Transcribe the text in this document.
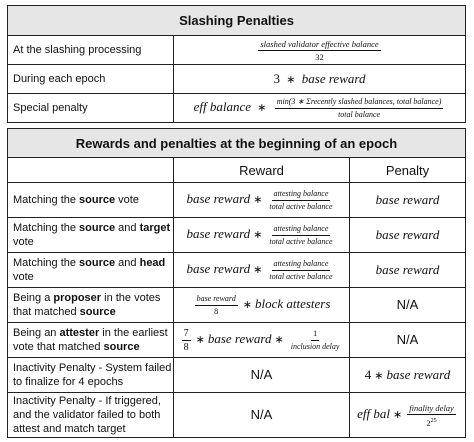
Slashing Penalties	
At the slashing processing	$\frac{\text{slashed validator effective balance}}{32}$

During each epoch	3 ∗ base reward
Special penalty	eff balance ∗ $\frac{\text{min(3 ∗ Σrecently slashed balances, total balance)}}{\text{total balance}}$
Rewards and penalties at the beginning of an epoch		
	Reward	Penalty
Matching the source vote	base reward ∗ $\frac{\text{attesting balance}}{\text{total active balance}}$	base reward
Matching the source and target vote	base reward ∗ $\frac{\text{attesting balance}}{\text{total active balance}}$	base reward
Matching the source and head vote	base reward ∗ $\frac{\text{attesting balance}}{\text{total active balance}}$	base reward
Being a proposer in the votes that matched source	$\frac{\text{base reward}}{8}$ ∗ block attesters	N/A
Being an attester in the earliest vote that matched source	$\frac{7}{8}$ ∗ base reward ∗ $\frac{1}{\text{inclusion delay}}$	N/A
Inactivity Penalty - System failed to finalize for 4 epochs	N/A	4 ∗ base reward
Inactivity Penalty - If triggered, and the validator failed to both attest and match target	N/A	eff bal ∗ $\frac{\text{finality delay}}{2^{25}}$
